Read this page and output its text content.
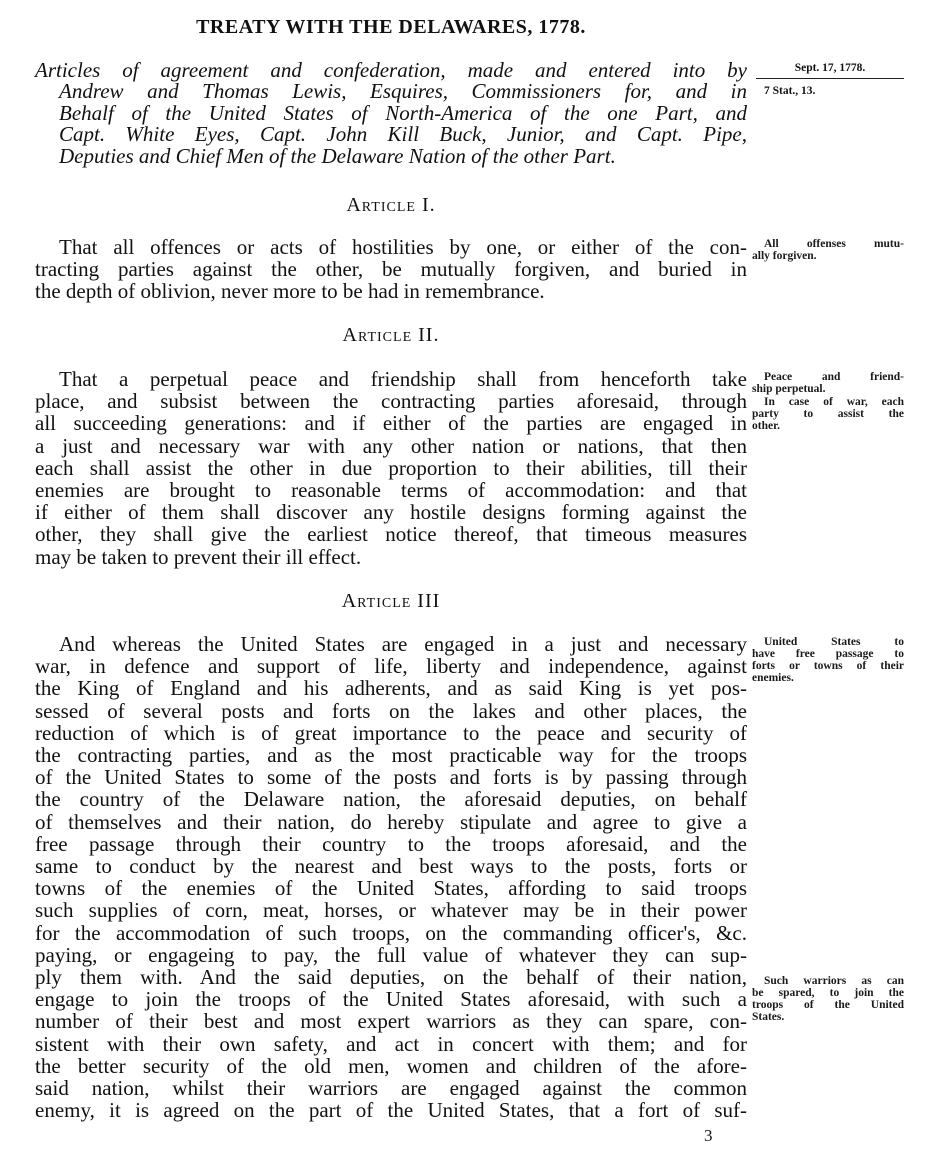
TREATY WITH THE DELAWARES, 1778.
Articles of agreement and confederation, made and entered into by
Andrew and Thomas Lewis, Esquires, Commissioners for, and in
Behalf of the United States of North-America of the one Part, and
Capt. White Eyes, Capt. John Kill Buck, Junior, and Capt. Pipe,
Deputies and Chief Men of the Delaware Nation of the other Part.
Sept. 17, 1778.
7 Stat., 13.
Article I.
That all offences or acts of hostilities by one, or either of the con-
tracting parties against the other, be mutually forgiven, and buried in
the depth of oblivion, never more to be had in remembrance.
All offenses mutu-
ally forgiven.
Article II.
That a perpetual peace and friendship shall from henceforth take
place, and subsist between the contracting parties aforesaid, through
all succeeding generations: and if either of the parties are engaged in
a just and necessary war with any other nation or nations, that then
each shall assist the other in due proportion to their abilities, till their
enemies are brought to reasonable terms of accommodation: and that
if either of them shall discover any hostile designs forming against the
other, they shall give the earliest notice thereof, that timeous measures
may be taken to prevent their ill effect.
Peace and friend-
ship perpetual.
In case of war, each
party to assist the
other.
Article III
And whereas the United States are engaged in a just and necessary
war, in defence and support of life, liberty and independence, against
the King of England and his adherents, and as said King is yet pos-
sessed of several posts and forts on the lakes and other places, the
reduction of which is of great importance to the peace and security of
the contracting parties, and as the most practicable way for the troops
of the United States to some of the posts and forts is by passing through
the country of the Delaware nation, the aforesaid deputies, on behalf
of themselves and their nation, do hereby stipulate and agree to give a
free passage through their country to the troops aforesaid, and the
same to conduct by the nearest and best ways to the posts, forts or
towns of the enemies of the United States, affording to said troops
such supplies of corn, meat, horses, or whatever may be in their power
for the accommodation of such troops, on the commanding officer's, &c.
paying, or engageing to pay, the full value of whatever they can sup-
ply them with. And the said deputies, on the behalf of their nation,
engage to join the troops of the United States aforesaid, with such a
number of their best and most expert warriors as they can spare, con-
sistent with their own safety, and act in concert with them; and for
the better security of the old men, women and children of the afore-
said nation, whilst their warriors are engaged against the common
enemy, it is agreed on the part of the United States, that a fort of suf-
United States to
have free passage to
forts or towns of their
enemies.
Such warriors as can
be spared, to join the
troops of the United
States.
3
